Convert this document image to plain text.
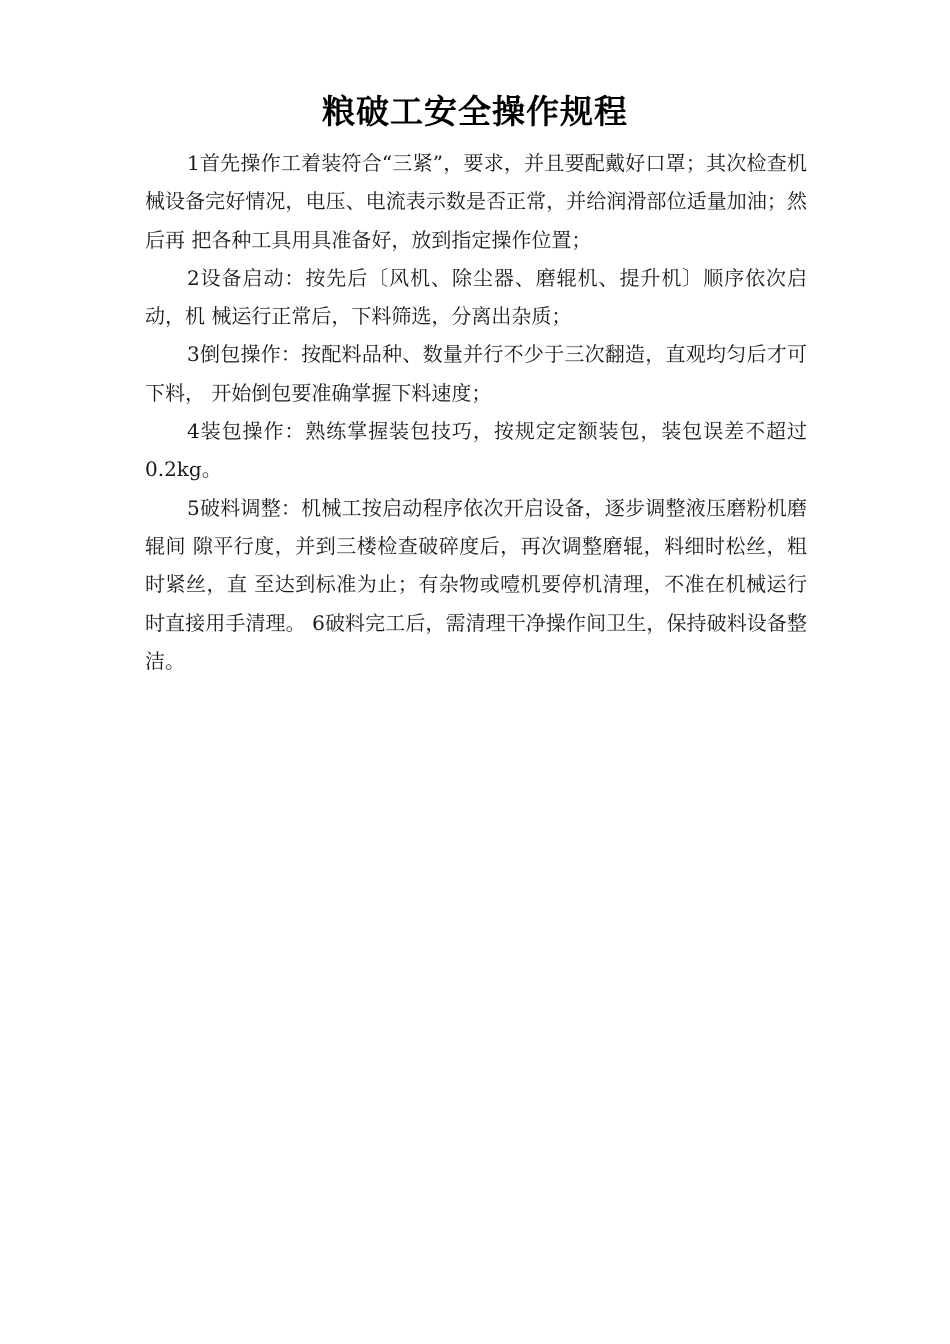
粮破工安全操作规程

1首先操作工着装符合“三紧”，要求，并且要配戴好口罩；其次检查机械设备完好情况，电压、电流表示数是否正常，并给润滑部位适量加油；然后再 把各种工具用具准备好，放到指定操作位置；

2设备启动：按先后〔风机、除尘器、磨辊机、提升机〕顺序依次启动，机 械运行正常后，下料筛选，分离出杂质；

3倒包操作：按配料品种、数量并行不少于三次翻造，直观均匀后才可下料， 开始倒包要准确掌握下料速度；

4装包操作：熟练掌握装包技巧，按规定定额装包，装包误差不超过0.2kg。

5破料调整：机械工按启动程序依次开启设备，逐步调整液压磨粉机磨辊间 隙平行度，并到三楼检查破碎度后，再次调整磨辊，料细时松丝，粗时紧丝，直 至达到标准为止；有杂物或噎机要停机清理，不准在机械运行时直接用手清理。 6破料完工后，需清理干净操作间卫生，保持破料设备整洁。
